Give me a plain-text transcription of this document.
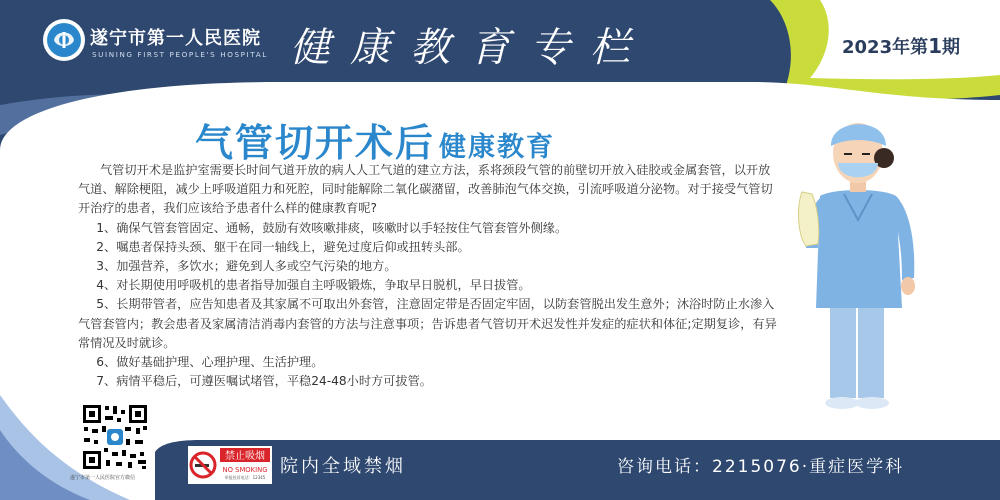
遂宁市第一人民医院
SUINING FIRST PEOPLE'S HOSPITAL 健康教育专栏	2023年第1期
气管切开术后 健康教育

气管切开术是监护室需要长时间气道开放的病人人工气道的建立方法，系将颈段气管的前壁切开放入硅胶或金属套管，以开放气道、解除梗阻，减少上呼吸道阻力和死腔，同时能解除二氧化碳潴留，改善肺泡气体交换，引流呼吸道分泌物。对于接受气管切开治疗的患者，我们应该给予患者什么样的健康教育呢?

1、确保气管套管固定、通畅，鼓励有效咳嗽排痰，咳嗽时以手轻按住气管套管外侧缘。

2、嘱患者保持头颈、躯干在同一轴线上，避免过度后仰或扭转头部。

3、加强营养，多饮水；避免到人多或空气污染的地方。

4、对长期使用呼吸机的患者指导加强自主呼吸锻炼，争取早日脱机，早日拔管。

5、长期带管者，应告知患者及其家属不可取出外套管，注意固定带是否固定牢固，以防套管脱出发生意外；沐浴时防止水渗入气管套管内；教会患者及家属清洁消毒内套管的方法与注意事项；告诉患者气管切开术迟发性并发症的症状和体征;定期复诊，有异常情况及时就诊。

6、做好基础护理、心理护理、生活护理。

7、病情平稳后，可遵医嘱试堵管，平稳24-48小时方可拔管。

遂宁市第一人民医院官方微信
禁止吸烟
NO SMOKING
举报投诉电话：12345
院内全域禁烟	咨询电话：2215076·重症医学科
